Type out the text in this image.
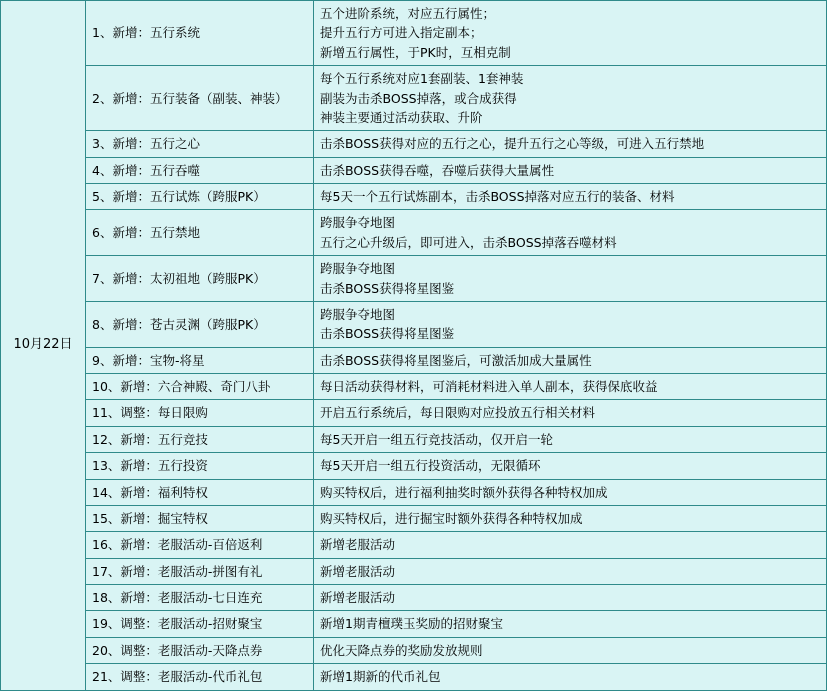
10月22日	1、新增：五行系统	五个进阶系统，对应五行属性；
提升五行方可进入指定副本；
新增五行属性，于PK时，互相克制

	2、新增：五行装备（副装、神装）	每个五行系统对应1套副装、1套神装
副装为击杀BOSS掉落，或合成获得
神装主要通过活动获取、升阶

	3、新增：五行之心	击杀BOSS获得对应的五行之心，提升五行之心等级，可进入五行禁地

	4、新增：五行吞噬	击杀BOSS获得吞噬，吞噬后获得大量属性

	5、新增：五行试炼（跨服PK）	每5天一个五行试炼副本，击杀BOSS掉落对应五行的装备、材料

	6、新增：五行禁地	跨服争夺地图
五行之心升级后，即可进入，击杀BOSS掉落吞噬材料

	7、新增：太初祖地（跨服PK）	跨服争夺地图
击杀BOSS获得将星图鉴

	8、新增：苍古灵渊（跨服PK）	跨服争夺地图
击杀BOSS获得将星图鉴

	9、新增：宝物-将星	击杀BOSS获得将星图鉴后，可激活加成大量属性

	10、新增：六合神殿、奇门八卦	每日活动获得材料，可消耗材料进入单人副本，获得保底收益

	11、调整：每日限购	开启五行系统后，每日限购对应投放五行相关材料

	12、新增：五行竞技	每5天开启一组五行竞技活动，仅开启一轮

	13、新增：五行投资	每5天开启一组五行投资活动，无限循环

	14、新增：福利特权	购买特权后，进行福利抽奖时额外获得各种特权加成

	15、新增：掘宝特权	购买特权后，进行掘宝时额外获得各种特权加成

	16、新增：老服活动-百倍返利	新增老服活动

	17、新增：老服活动-拼图有礼	新增老服活动

	18、新增：老服活动-七日连充	新增老服活动

	19、调整：老服活动-招财聚宝	新增1期青檀璞玉奖励的招财聚宝

	20、调整：老服活动-天降点券	优化天降点券的奖励发放规则

	21、调整：老服活动-代币礼包	新增1期新的代币礼包
